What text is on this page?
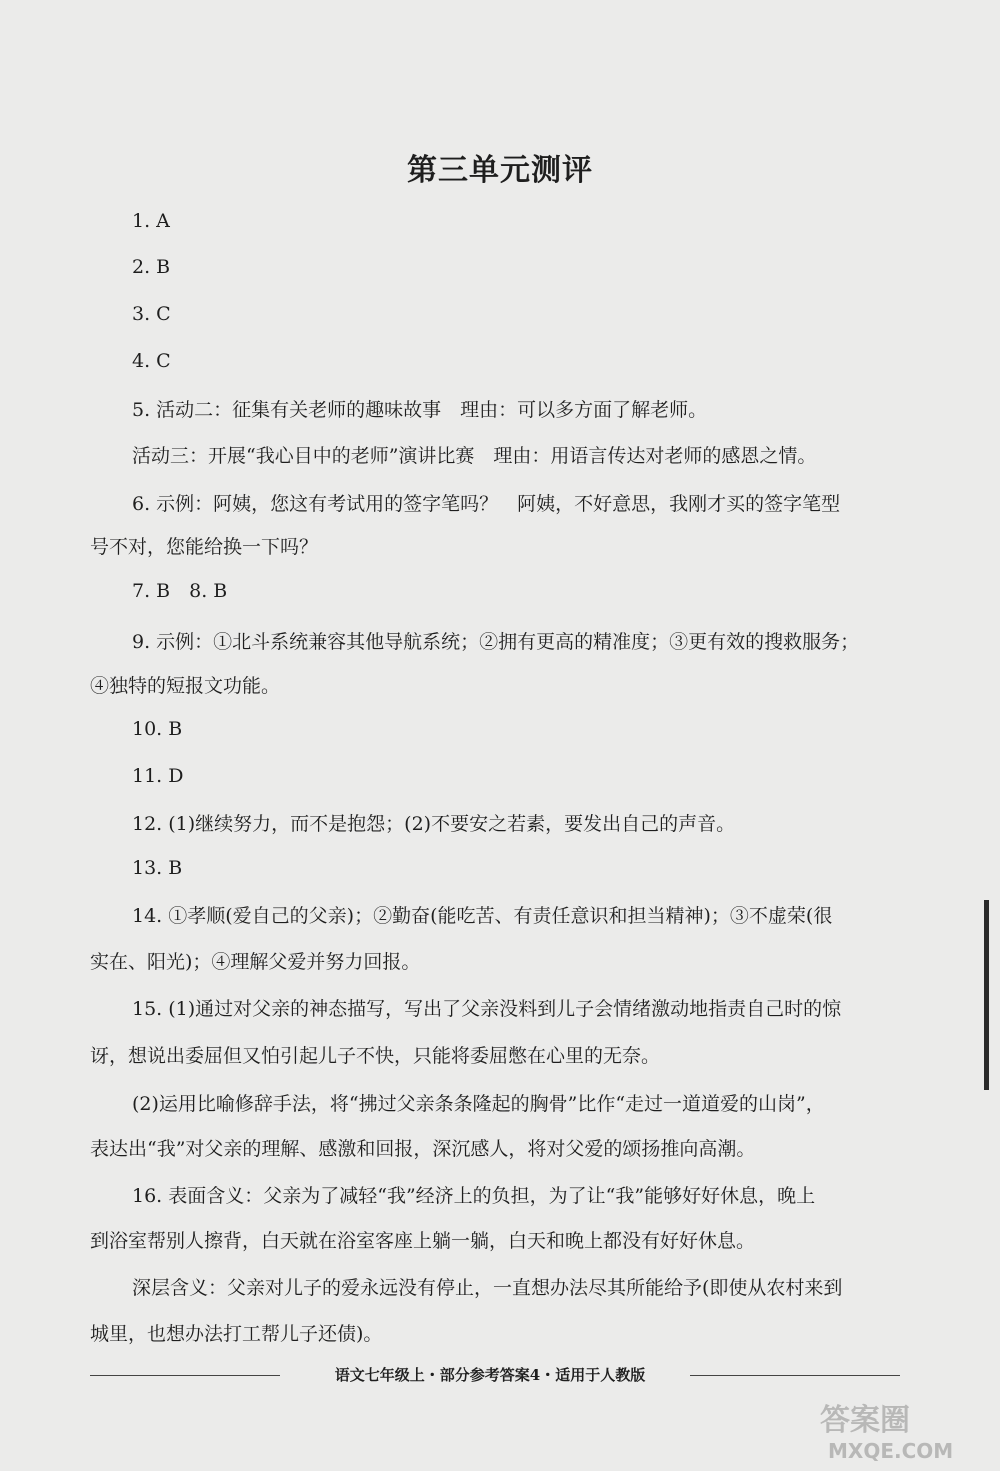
第三单元测评
1. A
2. B
3. C
4. C
5. 活动二：征集有关老师的趣味故事　理由：可以多方面了解老师。
活动三：开展“我心目中的老师”演讲比赛　理由：用语言传达对老师的感恩之情。
6. 示例：阿姨，您这有考试用的签字笔吗？　阿姨，不好意思，我刚才买的签字笔型
号不对，您能给换一下吗？
7. B　8. B
9. 示例：①北斗系统兼容其他导航系统；②拥有更高的精准度；③更有效的搜救服务；
④独特的短报文功能。
10. B
11. D
12. (1)继续努力，而不是抱怨；(2)不要安之若素，要发出自己的声音。
13. B
14. ①孝顺(爱自己的父亲)；②勤奋(能吃苦、有责任意识和担当精神)；③不虚荣(很
实在、阳光)；④理解父爱并努力回报。
15. (1)通过对父亲的神态描写，写出了父亲没料到儿子会情绪激动地指责自己时的惊
讶，想说出委屈但又怕引起儿子不快，只能将委屈憋在心里的无奈。
(2)运用比喻修辞手法，将“拂过父亲条条隆起的胸骨”比作“走过一道道爱的山岗”，
表达出“我”对父亲的理解、感激和回报，深沉感人，将对父爱的颂扬推向高潮。
16. 表面含义：父亲为了减轻“我”经济上的负担，为了让“我”能够好好休息，晚上
到浴室帮别人擦背，白天就在浴室客座上躺一躺，白天和晚上都没有好好休息。
深层含义：父亲对儿子的爱永远没有停止，一直想办法尽其所能给予(即使从农村来到
城里，也想办法打工帮儿子还债)。
语文七年级上・部分参考答案4・适用于人教版
答案圈
MXQE.COM
